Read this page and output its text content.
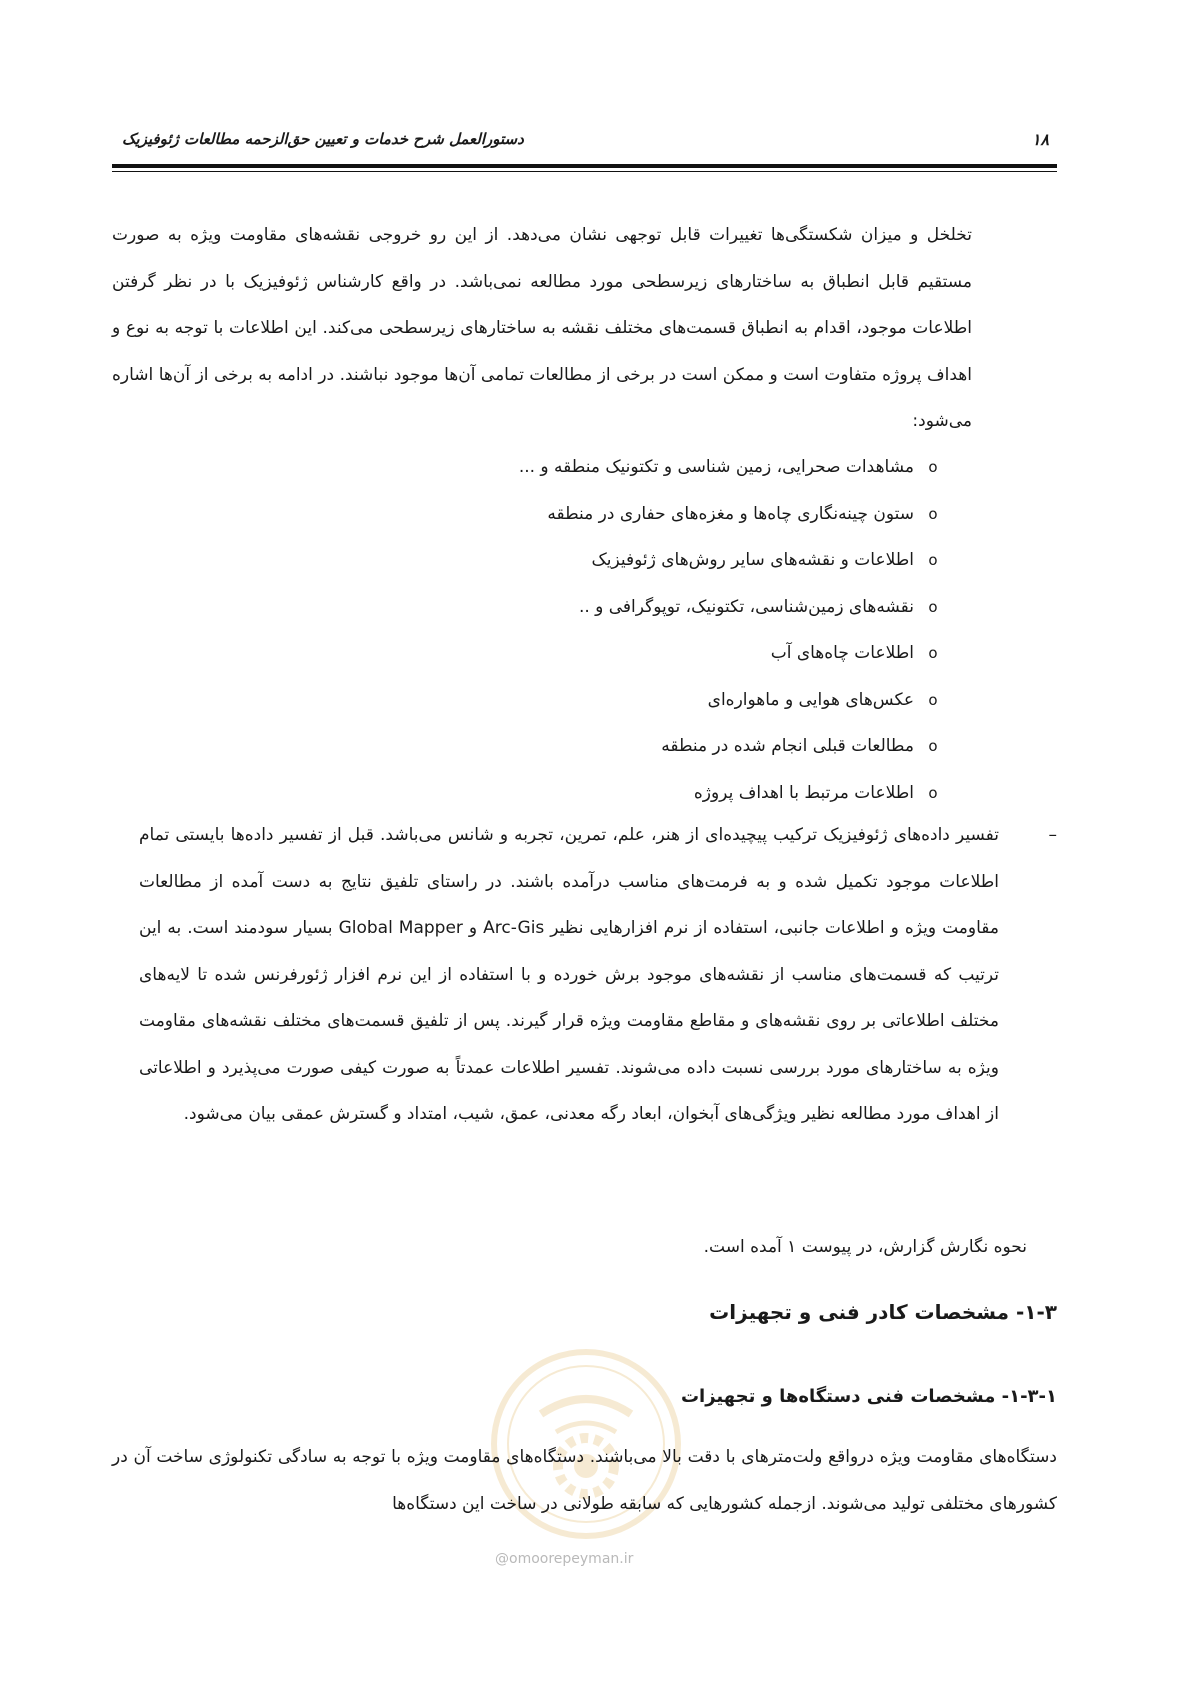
دستورالعمل شرح خدمات و تعیین حق‌الزحمه مطالعات ژئوفیزیک	۱۸
تخلخل و میزان شکستگی‌ها تغییرات قابل توجهی نشان می‌دهد. از این رو خروجی نقشه‌های مقاومت ویژه به صورت مستقیم قابل انطباق به ساختارهای زیرسطحی مورد مطالعه نمی‌باشد. در واقع کارشناس ژئوفیزیک با در نظر گرفتن اطلاعات موجود، اقدام به انطباق قسمت‌های مختلف نقشه به ساختارهای زیرسطحی می‌کند. این اطلاعات با توجه به نوع و اهداف پروژه متفاوت است و ممکن است در برخی از مطالعات تمامی آن‌ها موجود نباشند. در ادامه به برخی از آن‌ها اشاره می‌شود:
o
مشاهدات صحرایی، زمین شناسی و تکتونیک منطقه و ...
o
ستون چینه‌نگاری چاه‌ها و مغزه‌های حفاری در منطقه
o
اطلاعات و نقشه‌های سایر روش‌های ژئوفیزیک
o
نقشه‌های زمین‌شناسی، تکتونیک، توپوگرافی و ..
o
اطلاعات چاه‌های آب
o
عکس‌های هوایی و ماهواره‌ای
o
مطالعات قبلی انجام شده در منطقه
o
اطلاعات مرتبط با اهداف پروژه
–
تفسیر داده‌های ژئوفیزیک ترکیب پیچیده‌ای از هنر، علم، تمرین، تجربه و شانس می‌باشد. قبل از تفسیر داده‌ها بایستی تمام اطلاعات موجود تکمیل شده و به فرمت‌های مناسب درآمده باشند. در راستای تلفیق نتایج به دست آمده از مطالعات مقاومت ویژه و اطلاعات جانبی، استفاده از نرم افزارهایی نظیر Arc-Gis و Global Mapper بسیار سودمند است. به این ترتیب که قسمت‌های مناسب از نقشه‌های موجود برش خورده و با استفاده از این نرم افزار ژئورفرنس شده تا لایه‌های مختلف اطلاعاتی بر روی نقشه‌های و مقاطع مقاومت ویژه قرار گیرند. پس از تلفیق قسمت‌های مختلف نقشه‌های مقاومت ویژه به ساختارهای مورد بررسی نسبت داده می‌شوند. تفسیر اطلاعات عمدتاً به صورت کیفی صورت می‌پذیرد و اطلاعاتی از اهداف مورد مطالعه نظیر ویژگی‌های آبخوان، ابعاد رگه معدنی، عمق، شیب، امتداد و گسترش عمقی بیان می‌شود.
نحوه نگارش گزارش، در پیوست ۱ آمده است.
۱-۳- مشخصات کادر فنی و تجهیزات
۱-۳-۱- مشخصات فنی دستگاه‌ها و تجهیزات
دستگاه‌های مقاومت ویژه درواقع ولت‌مترهای با دقت بالا می‌باشند. دستگاه‌های مقاومت ویژه با توجه به سادگی تکنولوژی ساخت آن در کشورهای مختلفی تولید می‌شوند. ازجمله کشورهایی که سابقه طولانی در ساخت این دستگاه‌ها
@omoorepeyman.ir
